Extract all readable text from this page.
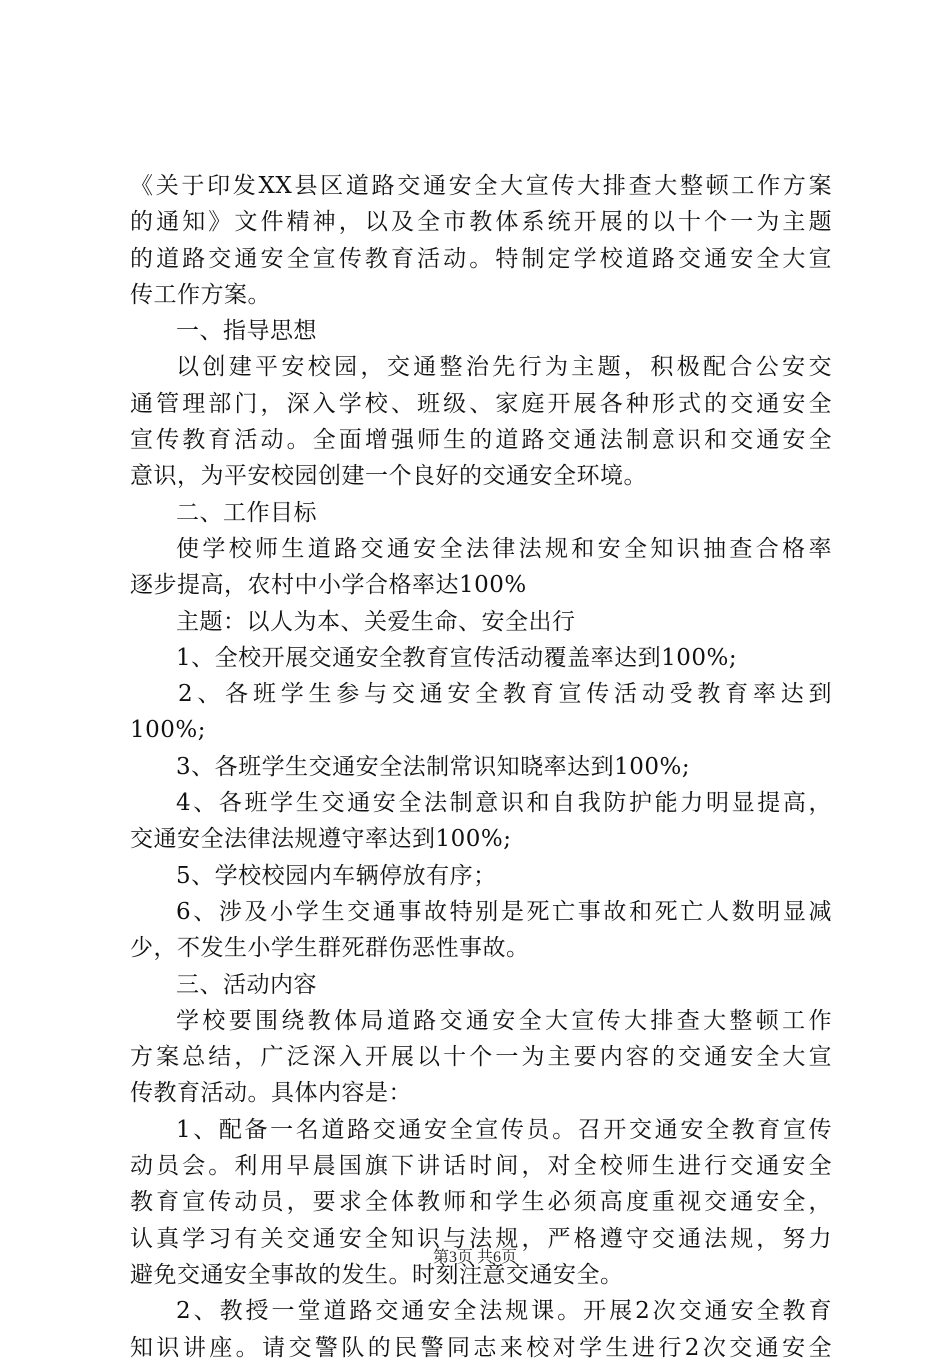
《关于印发XX县区道路交通安全大宣传大排查大整顿工作方案
的通知》文件精神，以及全市教体系统开展的以十个一为主题
的道路交通安全宣传教育活动。特制定学校道路交通安全大宣
传工作方案。
一、指导思想
以创建平安校园，交通整治先行为主题，积极配合公安交
通管理部门，深入学校、班级、家庭开展各种形式的交通安全
宣传教育活动。全面增强师生的道路交通法制意识和交通安全
意识，为平安校园创建一个良好的交通安全环境。
二、工作目标
使学校师生道路交通安全法律法规和安全知识抽查合格率
逐步提高，农村中小学合格率达100%
主题：以人为本、关爱生命、安全出行
1、全校开展交通安全教育宣传活动覆盖率达到100%;
2、各班学生参与交通安全教育宣传活动受教育率达到
100%;
3、各班学生交通安全法制常识知晓率达到100%;
4、各班学生交通安全法制意识和自我防护能力明显提高，
交通安全法律法规遵守率达到100%;
5、学校校园内车辆停放有序；
6、涉及小学生交通事故特别是死亡事故和死亡人数明显减
少，不发生小学生群死群伤恶性事故。
三、活动内容
学校要围绕教体局道路交通安全大宣传大排查大整顿工作
方案总结，广泛深入开展以十个一为主要内容的交通安全大宣
传教育活动。具体内容是：
1、配备一名道路交通安全宣传员。召开交通安全教育宣传
动员会。利用早晨国旗下讲话时间，对全校师生进行交通安全
教育宣传动员，要求全体教师和学生必须高度重视交通安全，
认真学习有关交通安全知识与法规，严格遵守交通法规，努力
避免交通安全事故的发生。时刻注意交通安全。
2、教授一堂道路交通安全法规课。开展2次交通安全教育
知识讲座。请交警队的民警同志来校对学生进行2次交通安全
第3页 共6页
